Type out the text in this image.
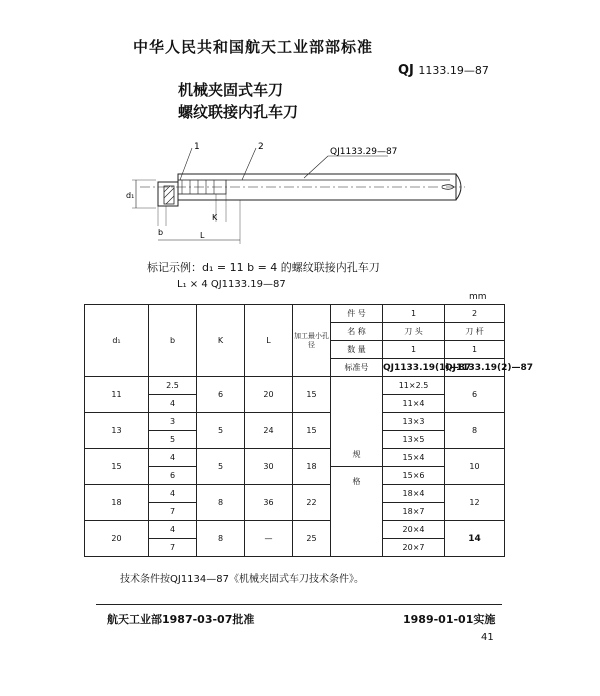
中华人民共和国航天工业部部标准
QJ 1133.19—87
机械夹固式车刀
螺纹联接内孔车刀
1	2	QJ1133.29—87
d₁
b
K
L
标记示例：d₁ = 11 b = 4 的螺纹联接内孔车刀
L₁ × 4 QJ1133.19—87
mm
d₁	b	K	L	加工最小孔径	件 号	1	2
					名 称	刀 头	刀 杆
					数 量	1	1
					标准号	QJ1133.19(1)—87	QJ1133.19(2)—87
11	2.5	6	20	15	规	11×2.5	6
	4					11×4	
13	3	5	24	15		13×3	8
	5					13×5	
15	4	5	30	18		15×4	10
	6				格	15×6	
18	4	8	36	22		18×4	12
	7					18×7	
20	4	8	—	25		20×4	14
	7					20×7	
技术条件按QJ1134—87《机械夹固式车刀技术条件》。
航天工业部1987-03-07批准	1989-01-01实施
41
